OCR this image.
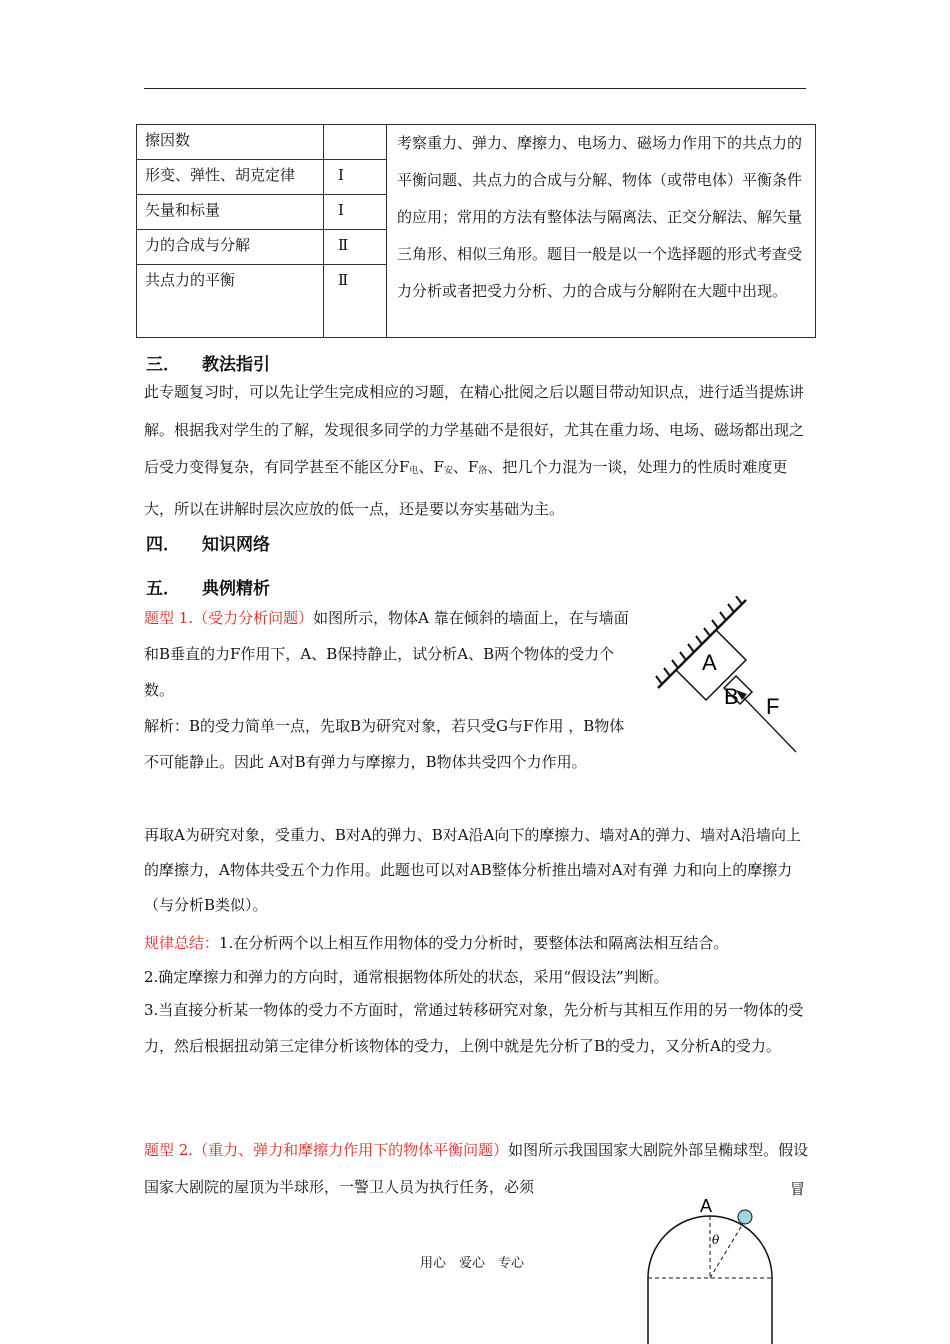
擦因数		考察重力、弹力、摩擦力、电场力、磁场力作用下的共点力的平衡问题、共点力的合成与分解、物体（或带电体）平衡条件的应用；常用的方法有整体法与隔离法、正交分解法、解矢量三角形、相似三角形。题目一般是以一个选择题的形式考查受力分析或者把受力分析、力的合成与分解附在大题中出现。
形变、弹性、胡克定律	Ⅰ	
矢量和标量	Ⅰ	
力的合成与分解	Ⅱ	
共点力的平衡	Ⅱ	
三． 教法指引
此专题复习时，可以先让学生完成相应的习题，在精心批阅之后以题目带动知识点，进行适当提炼讲解。根据我对学生的了解，发现很多同学的力学基础不是很好，尤其在重力场、电场、磁场都出现之后受力变得复杂，有同学甚至不能区分$F_电$、$F_安$、$F_洛$、把几个力混为一谈，处理力的性质时难度更大，所以在讲解时层次应放的低一点，还是要以夯实基础为主。
四． 知识网络
五． 典例精析
题型 1.（受力分析问题）如图所示，物体A 靠在倾斜的墙面上，在与墙面和B垂直的力F作用下，A、B保持静止，试分析A、B两个物体的受力个数。
解析：B的受力简单一点，先取B为研究对象，若只受G与F作用 ，B物体不可能静止。因此 A对B有弹力与摩擦力，B物体共受四个力作用。
再取A为研究对象，受重力、B对A的弹力、B对A沿A向下的摩擦力、墙对A的弹力、墙对A沿墙向上的摩擦力，A物体共受五个力作用。此题也可以对AB整体分析推出墙对A对有弹 力和向上的摩擦力（与分析B类似）。
规律总结：1.在分析两个以上相互作用物体的受力分析时，要整体法和隔离法相互结合。
2.确定摩擦力和弹力的方向时，通常根据物体所处的状态，采用“假设法”判断。
3.当直接分析某一物体的受力不方面时，常通过转移研究对象，先分析与其相互作用的另一物体的受力，然后根据扭动第三定律分析该物体的受力，上例中就是先分析了B的受力，又分析A的受力。
A
B F
题型 2.（重力、弹力和摩擦力作用下的物体平衡问题）如图所示我国国家大剧院外部呈椭球型。假设国家大剧院的屋顶为半球形，一警卫人员为执行任务，必须	冒
A
θ
用心　爱心　专心
